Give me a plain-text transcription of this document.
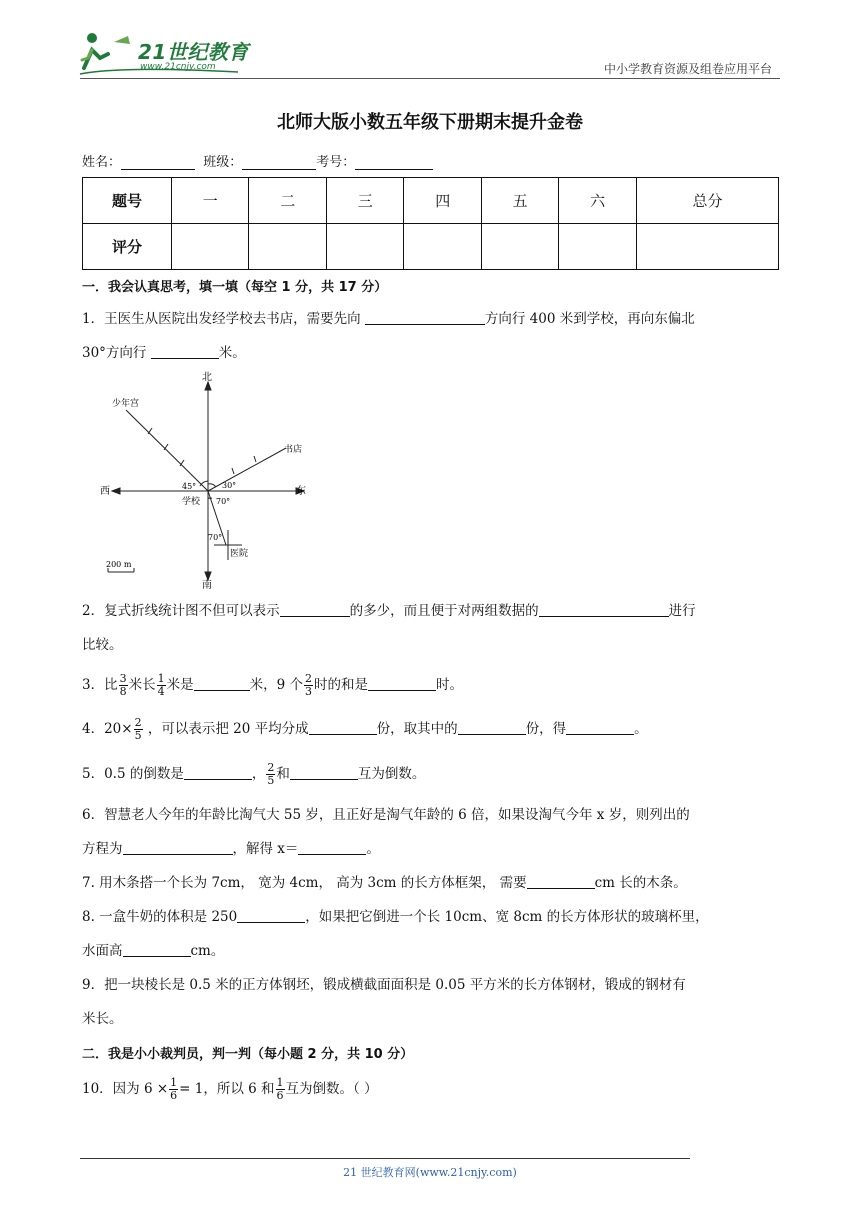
21世纪教育
www.21cnjy.com	中小学教育资源及组卷应用平台
北师大版小数五年级下册期末提升金卷
姓名：	班级：	考号：
题号	一	二	三	四	五	六	总分
评分							
一．我会认真思考，填一填（每空 1 分，共 17 分）
1．王医生从医院出发经学校去书店，需要先向	方向行 400 米到学校，再向东偏北
30°方向行	米。
北
南
东
西
少年宫
书店
学校
医院
45°	30°
70°
70°
200 m
2．复式折线统计图不但可以表示	的多少，而且便于对两组数据的	进行
比较。
3．比 $\frac{3}{8}$ 米长 $\frac{1}{4}$ 米是	米，9 个 $\frac{2}{3}$ 时的和是	时。
4．$20\times \frac{2}{5}$ ，可以表示把 20 平均分成	份，取其中的	份，得	。
5．0.5 的倒数是	， $\frac{2}{5}$ 和	互为倒数。
6．智慧老人今年的年龄比淘气大 55 岁，且正好是淘气年龄的 6 倍，如果设淘气今年 x 岁，则列出的
方程为	，解得 x＝	。
7. 用木条搭一个长为 7cm， 宽为 4cm， 高为 3cm 的长方体框架， 需要	cm 长的木条。
8. 一盒牛奶的体积是 250	，如果把它倒进一个长 10cm、宽 8cm 的长方体形状的玻璃杯里，
水面高	cm。
9．把一块棱长是 0.5 米的正方体钢坯，锻成横截面面积是 0.05 平方米的长方体钢材，锻成的钢材有
米长。
二．我是小小裁判员，判一判（每小题 2 分，共 10 分）
10．因为 $6 \times \frac{1}{6} = 1$，所以 6 和 $\frac{1}{6}$ 互为倒数。（ ）
21 世纪教育网(www.21cnjy.com)
